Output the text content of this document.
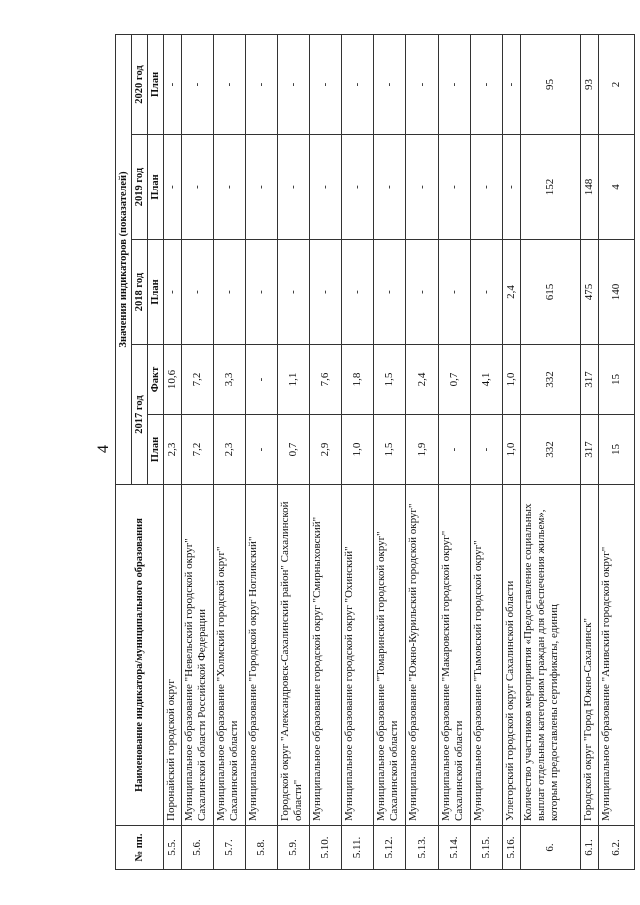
4
№ пп.	Наименование индикатора/муниципального образования	Значения индикаторов (показателей)				
		2017 год		2018 год	2019 год	2020 год
		План	Факт	План	План	План
5.5.	Поронайский городской округ	2,3	10,6	-	-	-
5.6.	Муниципальное образование "Невельский городской округ" Сахалинской области Российской Федерации	7,2	7,2	-	-	-
5.7.	Муниципальное образование "Холмский городской округ" Сахалинской области	2,3	3,3	-	-	-
5.8.	Муниципальное образование "Городской округ Ногликский"	-	-	-	-	-
5.9.	Городской округ "Александровск-Сахалинский район" Сахалинской области"	0,7	1,1	-	-	-
5.10.	Муниципальное образование городской округ "Смирныховский"	2,9	7,6	-	-	-
5.11.	Муниципальное образование городской округ "Охинский"	1,0	1,8	-	-	-
5.12.	Муниципальное образование "Томаринский городской округ" Сахалинской области	1,5	1,5	-	-	-
5.13.	Муниципальное образование "Южно-Курильский городской округ"	1,9	2,4	-	-	-
5.14.	Муниципальное образование "Макаровский городской округ" Сахалинской области	-	0,7	-	-	-
5.15.	Муниципальное образование "Тымовский городской округ"	-	4,1	-	-	-
5.16.	Углегорский городской округ Сахалинской области	1,0	1,0	2,4	-	-
6.	Количество участников мероприятия «Предоставление социальных выплат отдельным категориям граждан для обеспечения жильем», которым предоставлены сертификаты, единиц	332	332	615	152	95
6.1.	Городской округ "Город Южно-Сахалинск"	317	317	475	148	93
6.2.	Муниципальное образование "Анивский городской округ"	15	15	140	4	2
